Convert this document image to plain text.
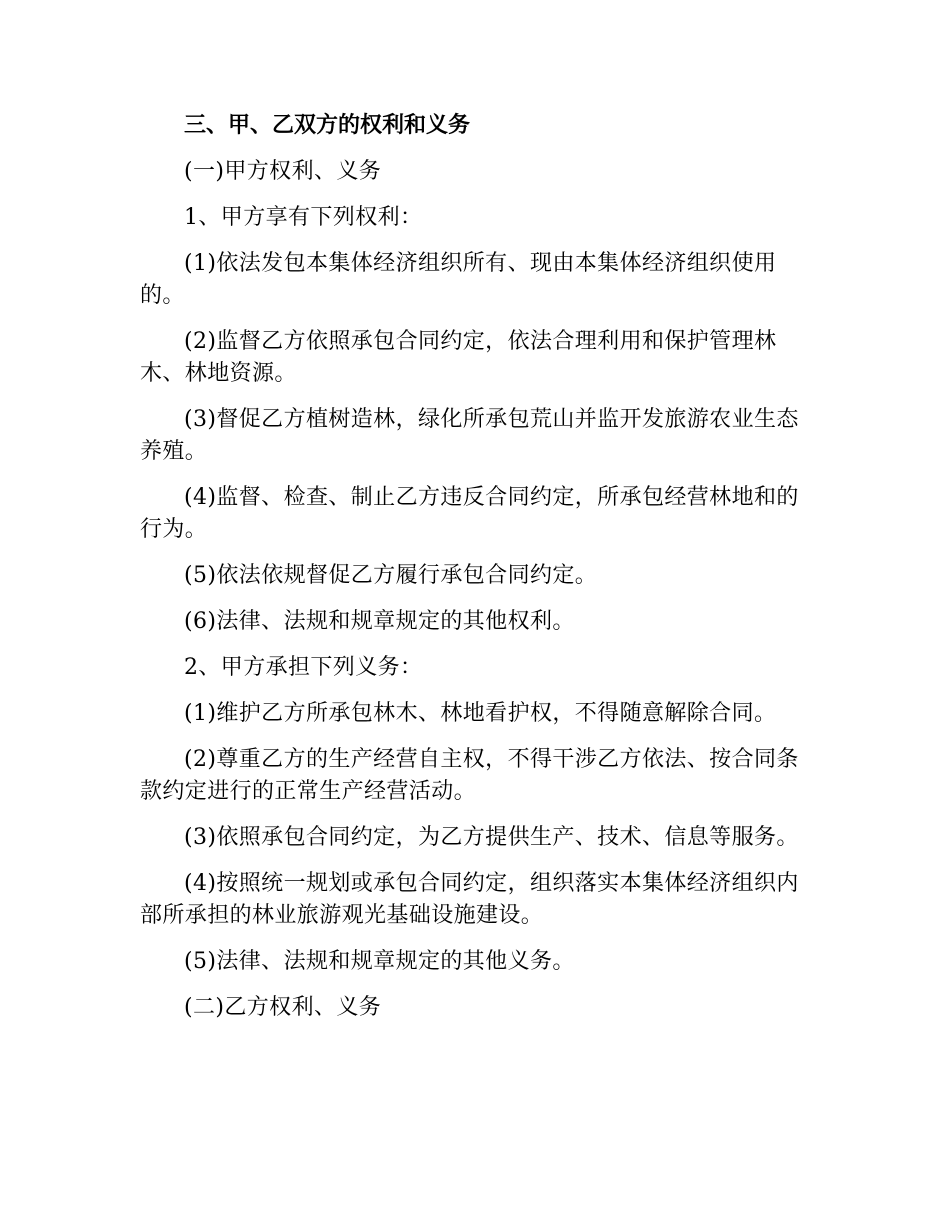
三、甲、乙双方的权利和义务

(一)甲方权利、义务

1、甲方享有下列权利：

(1)依法发包本集体经济组织所有、现由本集体经济组织使用的。

(2)监督乙方依照承包合同约定，依法合理利用和保护管理林木、林地资源。

(3)督促乙方植树造林，绿化所承包荒山并监开发旅游农业生态养殖。

(4)监督、检查、制止乙方违反合同约定，所承包经营林地和的行为。

(5)依法依规督促乙方履行承包合同约定。

(6)法律、法规和规章规定的其他权利。

2、甲方承担下列义务：

(1)维护乙方所承包林木、林地看护权，不得随意解除合同。

(2)尊重乙方的生产经营自主权，不得干涉乙方依法、按合同条款约定进行的正常生产经营活动。

(3)依照承包合同约定，为乙方提供生产、技术、信息等服务。

(4)按照统一规划或承包合同约定，组织落实本集体经济组织内部所承担的林业旅游观光基础设施建设。

(5)法律、法规和规章规定的其他义务。

(二)乙方权利、义务
